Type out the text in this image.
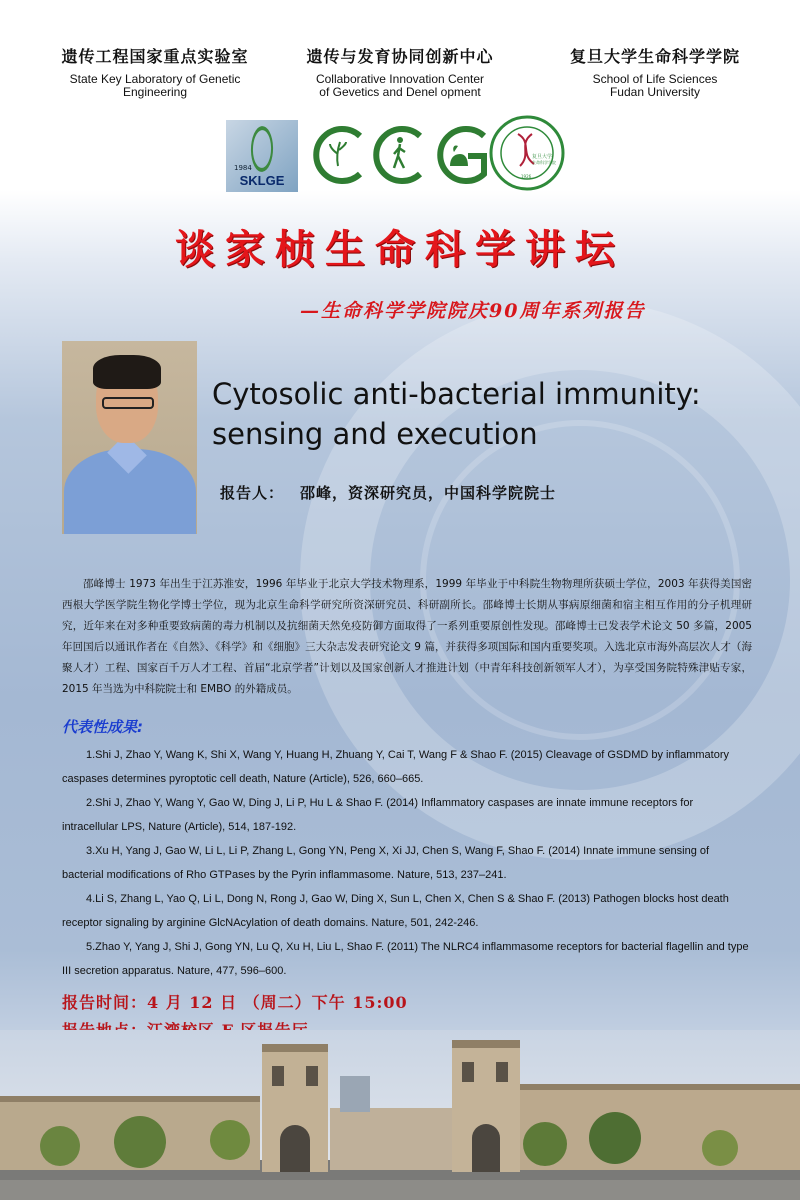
遗传工程国家重点实验室
State Key Laboratory of Genetic
Engineering
遗传与发育协同创新中心
Collaborative Innovation Center
of Gevetics and Denel opment
复旦大学生命科学学院
School of Life Sciences
Fudan University
1984
SKLGE
复旦大学
生命科学学院
1926
谈家桢生命科学讲坛
—生命科学学院院庆90周年系列报告
Cytosolic anti-bacterial immunity:
sensing and execution
报告人： 邵峰，资深研究员，中国科学院院士
邵峰博士 1973 年出生于江苏淮安，1996 年毕业于北京大学技术物理系，1999 年毕业于中科院生物物理所获硕士学位，2003 年获得美国密西根大学医学院生物化学博士学位，现为北京生命科学研究所资深研究员、科研副所长。邵峰博士长期从事病原细菌和宿主相互作用的分子机理研究，近年来在对多种重要致病菌的毒力机制以及抗细菌天然免疫防御方面取得了一系列重要原创性发现。邵峰博士已发表学术论文 50 多篇，2005 年回国后以通讯作者在《自然》、《科学》和《细胞》三大杂志发表研究论文 9 篇，并获得多项国际和国内重要奖项。入选北京市海外高层次人才（海聚人才）工程、国家百千万人才工程、首届“北京学者”计划以及国家创新人才推进计划（中青年科技创新领军人才），为享受国务院特殊津贴专家，2015 年当选为中科院院士和 EMBO 的外籍成员。
代表性成果:
1.Shi J, Zhao Y, Wang K, Shi X, Wang Y, Huang H, Zhuang Y, Cai T, Wang F & Shao F. (2015) Cleavage of GSDMD by inflammatory caspases determines pyroptotic cell death, Nature (Article), 526, 660–665.
2.Shi J, Zhao Y, Wang Y, Gao W, Ding J, Li P, Hu L & Shao F. (2014) Inflammatory caspases are innate immune receptors for intracellular LPS, Nature (Article), 514, 187-192.
3.Xu H, Yang J, Gao W, Li L, Li P, Zhang L, Gong YN, Peng X, Xi JJ, Chen S, Wang F, Shao F. (2014) Innate immune sensing of bacterial modifications of Rho GTPases by the Pyrin inflammasome. Nature, 513, 237–241.
4.Li S, Zhang L, Yao Q, Li L, Dong N, Rong J, Gao W, Ding X, Sun L, Chen X, Chen S & Shao F. (2013) Pathogen blocks host death receptor signaling by arginine GlcNAcylation of death domains. Nature, 501, 242-246.
5.Zhao Y, Yang J, Shi J, Gong YN, Lu Q, Xu H, Liu L, Shao F. (2011) The NLRC4 inflammasome receptors for bacterial flagellin and type III secretion apparatus. Nature, 477, 596–600.
报告时间：4 月 12 日 （周二）下午 15:00
